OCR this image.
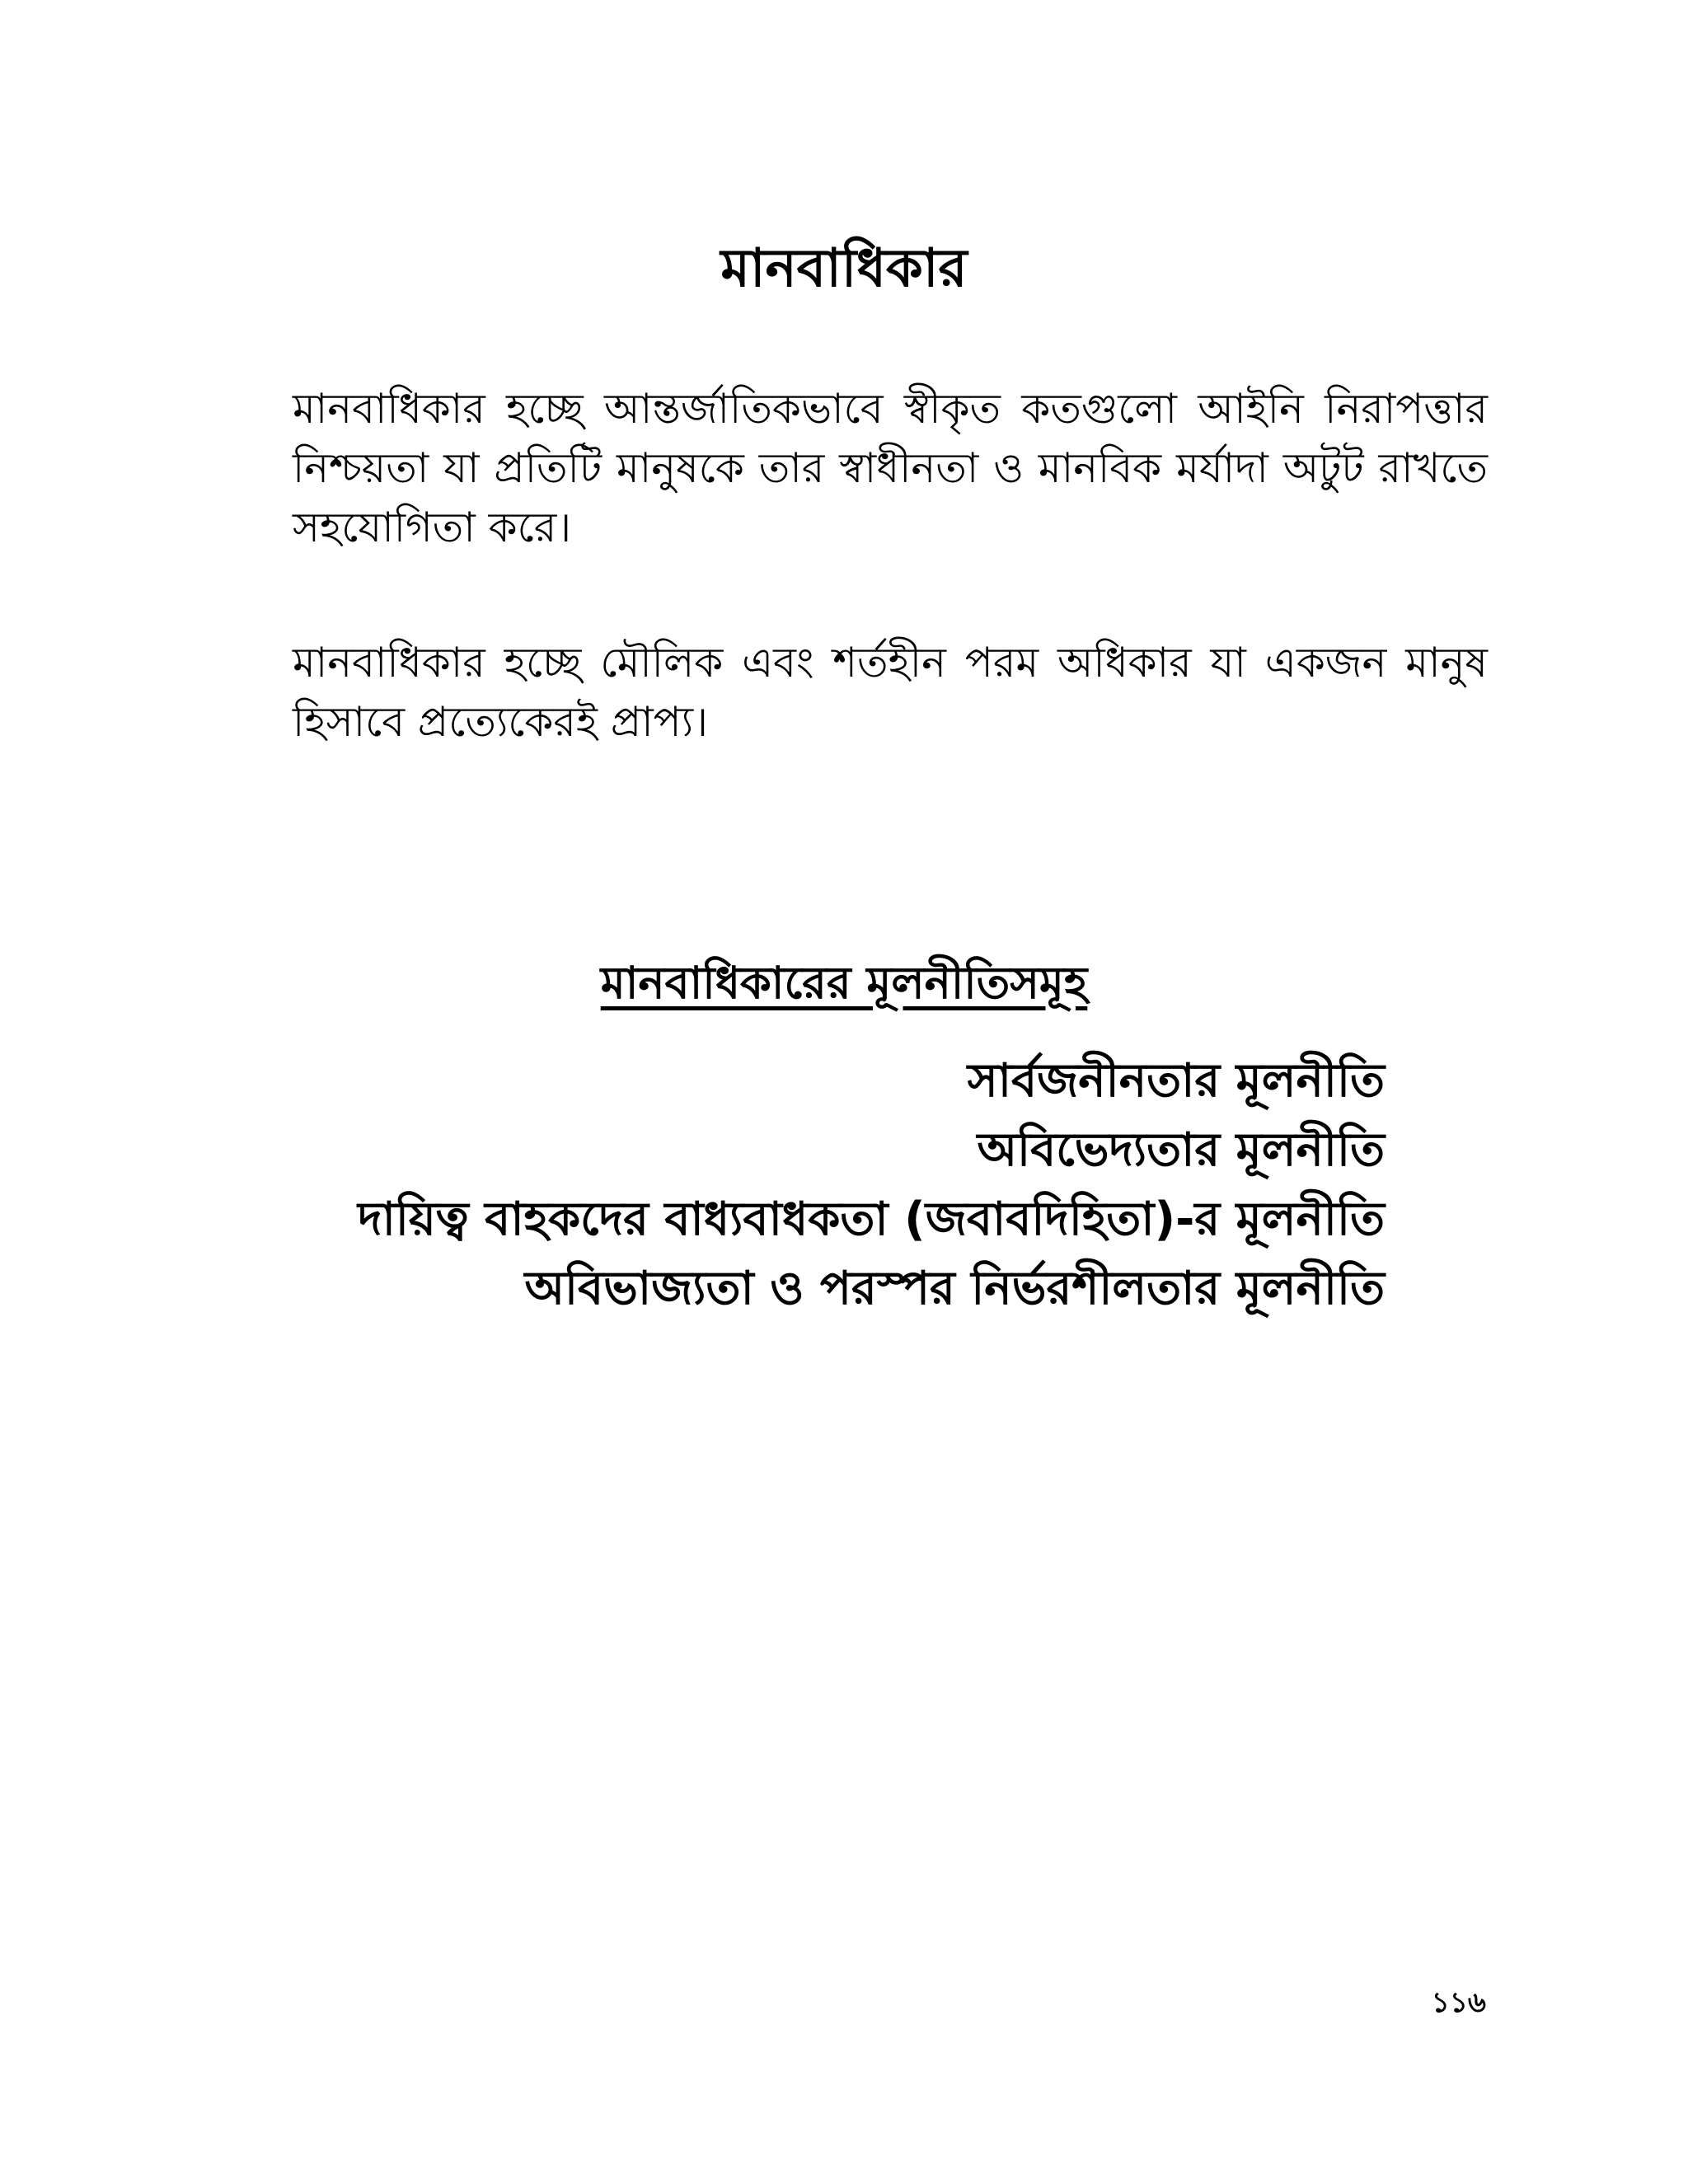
মানবাধিকার

মানবাধিকার হচ্ছে আন্তর্জাতিকভাবে স্বীকৃত কতগুলো আইনি নিরাপত্তার নিশ্চয়তা যা প্রতিটি মানুষকে তার স্বাধীনতা ও মানবিক মর্যাদা অটুট রাখতে সহযোগিতা করে।

মানবাধিকার হচ্ছে মৌলিক এবং শর্তহীন পরম অধিকার যা একজন মানুষ হিসাবে প্রত্যেকেরই প্রাপ্য।

মানবাধিকারের মূলনীতিসমূহ
সার্বজনীনতার মূলনীতি
অবিভেদ্যতার মূলনীতি
দায়িত্ব বাহকদের বাধ্যবাধকতা (জবাবদিহিতা)-র মূলনীতি
অবিভাজ্যতা ও পরস্পর নির্ভরশীলতার মূলনীতি
১১৬
